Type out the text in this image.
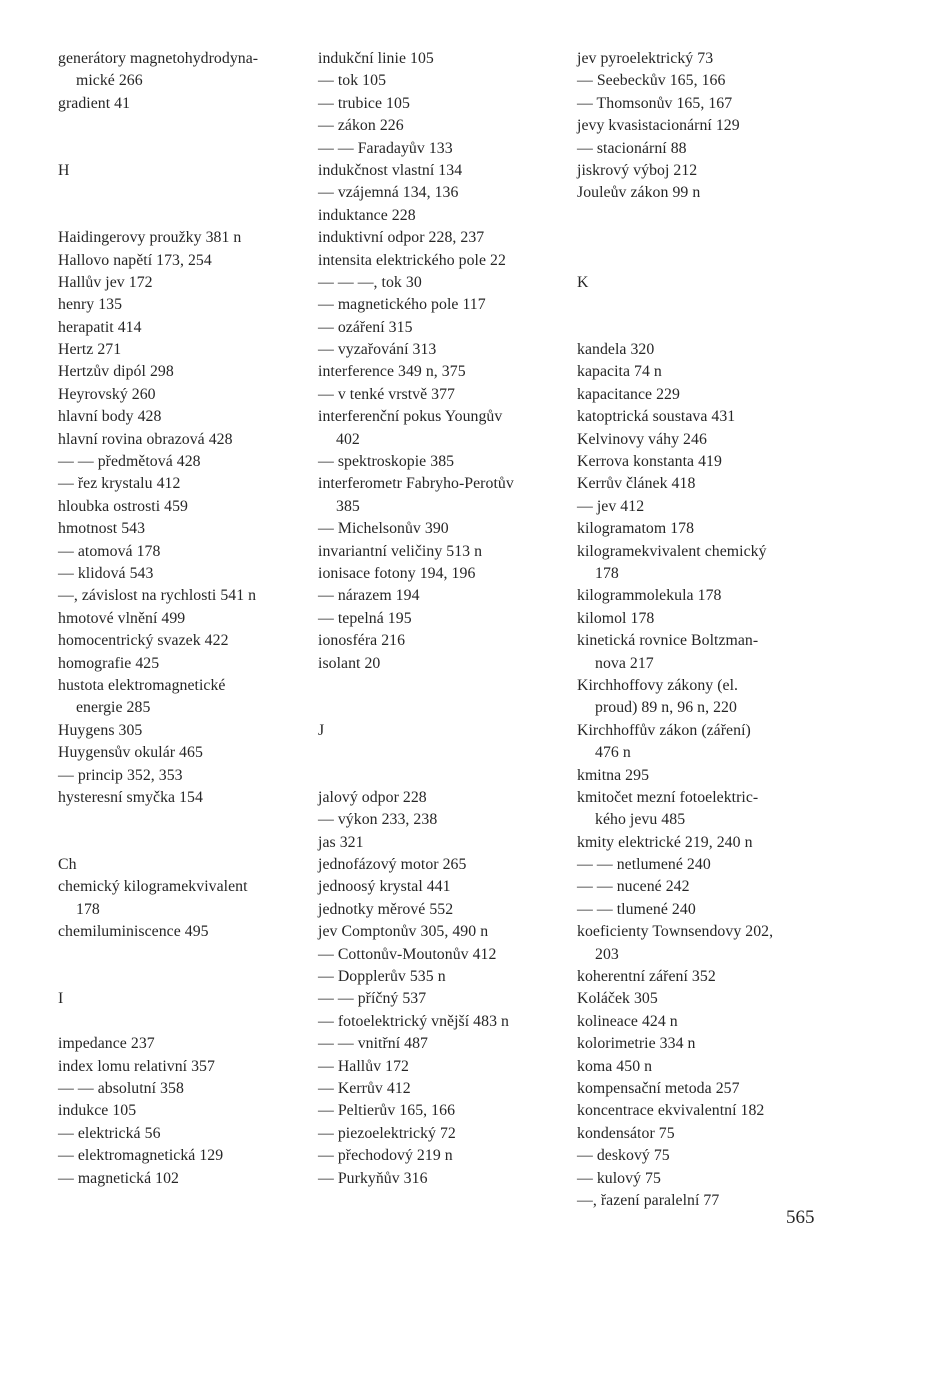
generátory magnetohydrodyna-
mické 266
gradient 41
H
Haidingerovy proužky 381 n
Hallovo napětí 173, 254
Hallův jev 172
henry 135
herapatit 414
Hertz 271
Hertzův dipól 298
Heyrovský 260
hlavní body 428
hlavní rovina obrazová 428
— — předmětová 428
— řez krystalu 412
hloubka ostrosti 459
hmotnost 543
— atomová 178
— klidová 543
—, závislost na rychlosti 541 n
hmotové vlnění 499
homocentrický svazek 422
homografie 425
hustota elektromagnetické
energie 285
Huygens 305
Huygensův okulár 465
— princip 352, 353
hysteresní smyčka 154
Ch
chemický kilogramekvivalent
178
chemiluminiscence 495
I
impedance 237
index lomu relativní 357
— — absolutní 358
indukce 105
— elektrická 56
— elektromagnetická 129
— magnetická 102
indukční linie 105
— tok 105
— trubice 105
— zákon 226
— — Faradayův 133
indukčnost vlastní 134
— vzájemná 134, 136
induktance 228
induktivní odpor 228, 237
intensita elektrického pole 22
— — —, tok 30
— magnetického pole 117
— ozáření 315
— vyzařování 313
interference 349 n, 375
— v tenké vrstvě 377
interferenční pokus Youngův
402
— spektroskopie 385
interferometr Fabryho-Perotův
385
— Michelsonův 390
invariantní veličiny 513 n
ionisace fotony 194, 196
— nárazem 194
— tepelná 195
ionosféra 216
isolant 20
J
jalový odpor 228
— výkon 233, 238
jas 321
jednofázový motor 265
jednoosý krystal 441
jednotky měrové 552
jev Comptonův 305, 490 n
— Cottonův-Moutonův 412
— Dopplerův 535 n
— — příčný 537
— fotoelektrický vnější 483 n
— — vnitřní 487
— Hallův 172
— Kerrův 412
— Peltierův 165, 166
— piezoelektrický 72
— přechodový 219 n
— Purkyňův 316
jev pyroelektrický 73
— Seebeckův 165, 166
— Thomsonův 165, 167
jevy kvasistacionární 129
— stacionární 88
jiskrový výboj 212
Jouleův zákon 99 n
K
kandela 320
kapacita 74 n
kapacitance 229
katoptrická soustava 431
Kelvinovy váhy 246
Kerrova konstanta 419
Kerrův článek 418
— jev 412
kilogramatom 178
kilogramekvivalent chemický
178
kilogrammolekula 178
kilomol 178
kinetická rovnice Boltzman-
nova 217
Kirchhoffovy zákony (el.
proud) 89 n, 96 n, 220
Kirchhoffův zákon (záření)
476 n
kmitna 295
kmitočet mezní fotoelektric-
kého jevu 485
kmity elektrické 219, 240 n
— — netlumené 240
— — nucené 242
— — tlumené 240
koeficienty Townsendovy 202,
203
koherentní záření 352
Koláček 305
kolineace 424 n
kolorimetrie 334 n
koma 450 n
kompensační metoda 257
koncentrace ekvivalentní 182
kondensátor 75
— deskový 75
— kulový 75
—, řazení paralelní 77
565
